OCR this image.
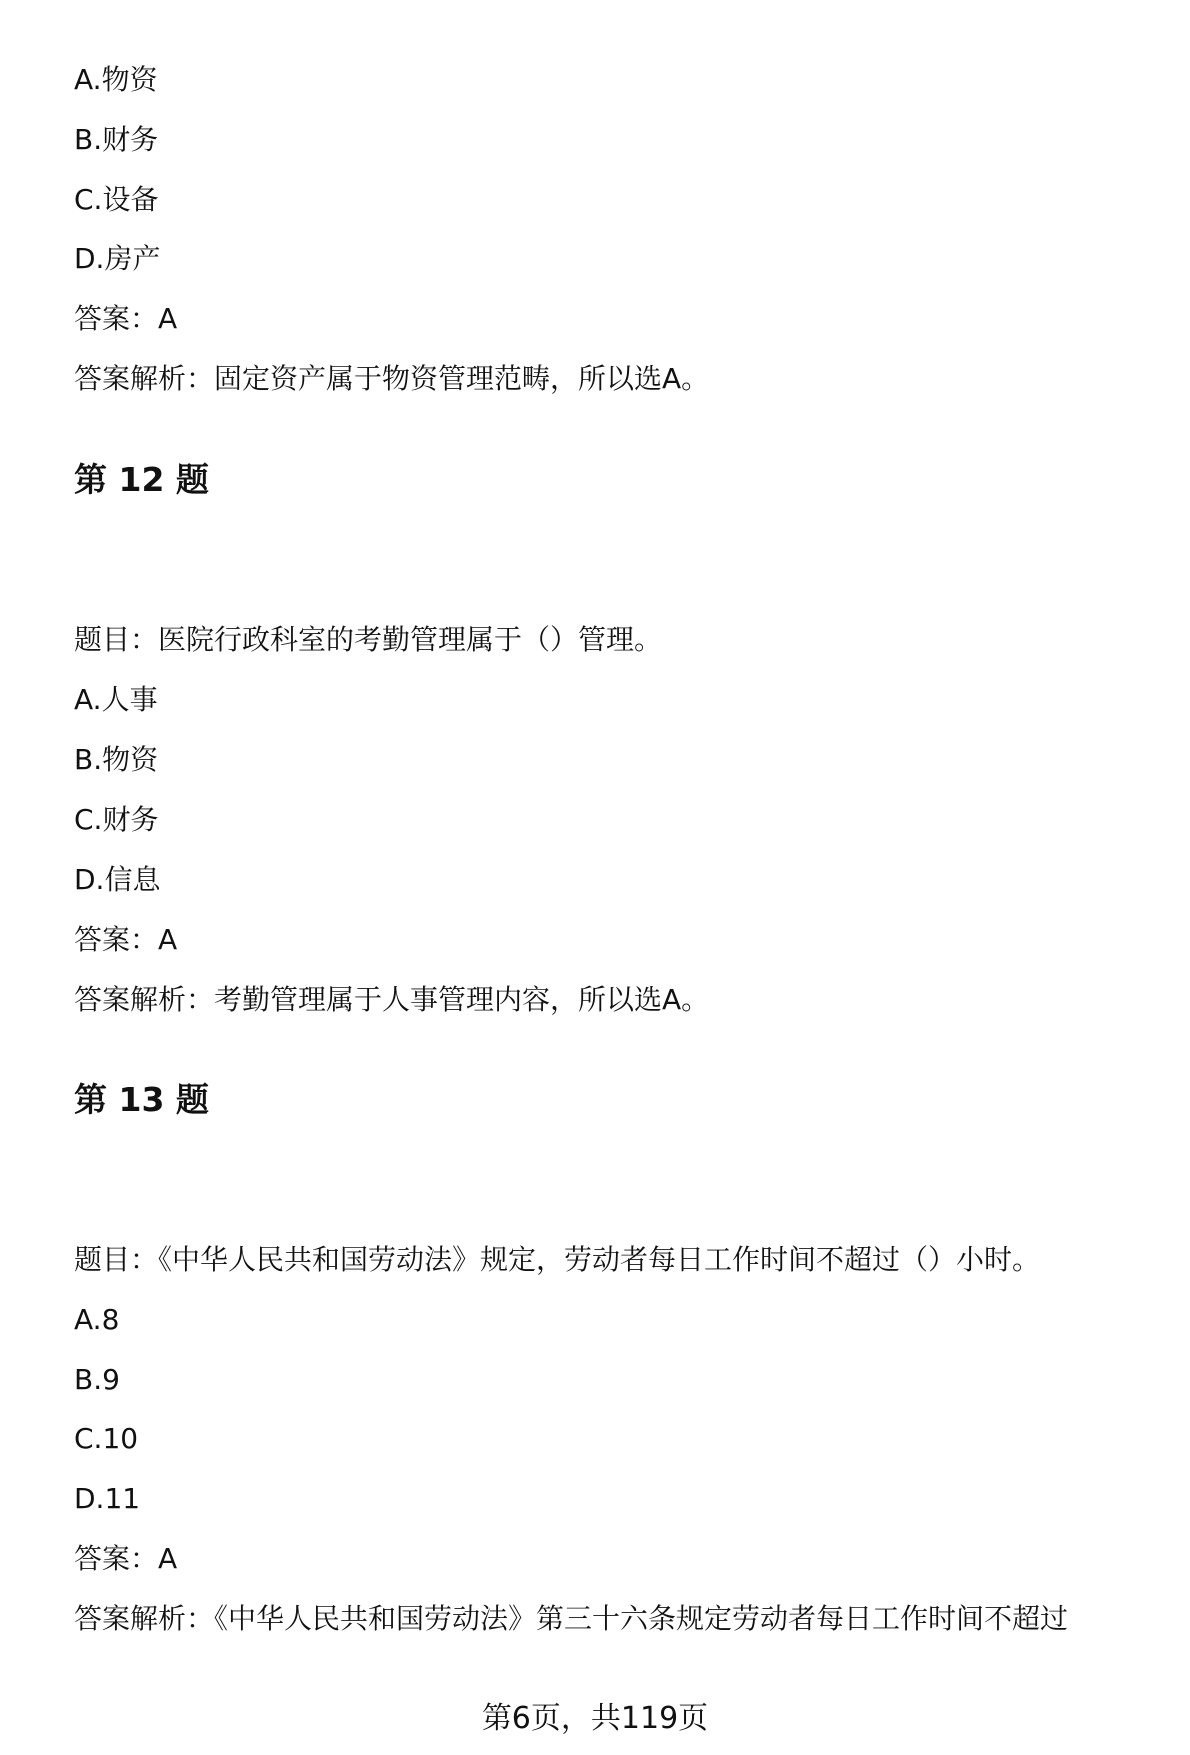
A.物资
B.财务
C.设备
D.房产
答案：A
答案解析：固定资产属于物资管理范畴，所以选A。
第 12 题
题目：医院行政科室的考勤管理属于（）管理。
A.人事
B.物资
C.财务
D.信息
答案：A
答案解析：考勤管理属于人事管理内容，所以选A。
第 13 题
题目：《中华人民共和国劳动法》规定，劳动者每日工作时间不超过（）小时。
A.8
B.9
C.10
D.11
答案：A
答案解析：《中华人民共和国劳动法》第三十六条规定劳动者每日工作时间不超过
第6页，共119页
